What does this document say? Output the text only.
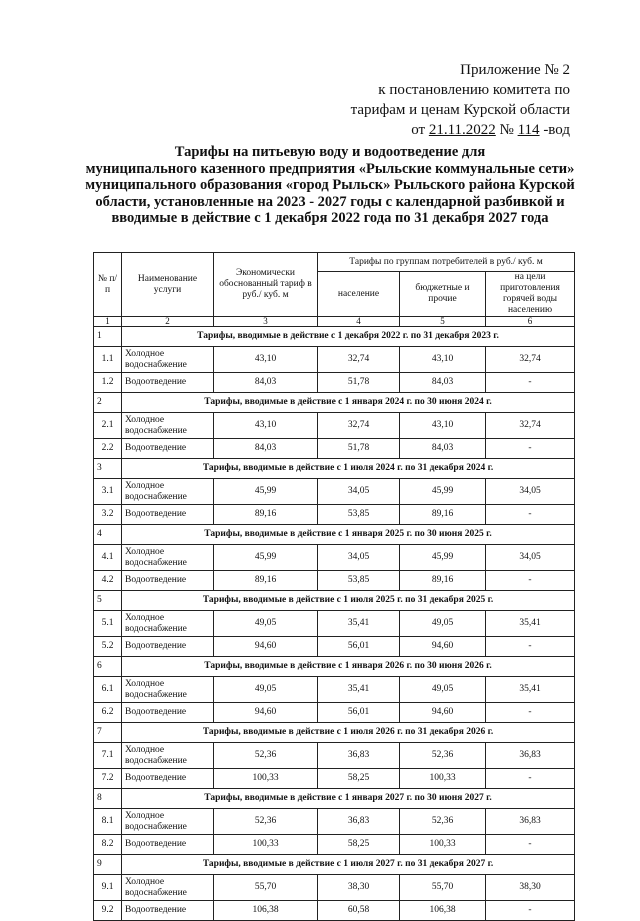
Приложение № 2
к постановлению комитета по
тарифам и ценам Курской области
от 21.11.2022 № 114 -вод
Тарифы на питьевую воду и водоотведение для
муниципального казенного предприятия «Рыльские коммунальные сети»
муниципального образования «город Рыльск» Рыльского района Курской
области, установленные на 2023 - 2027 годы с календарной разбивкой и
вводимые в действие с 1 декабря 2022 года по 31 декабря 2027 года
№ п/п	Наименование услуги	Экономически обоснованный тариф в руб./ куб. м	Тарифы по группам потребителей в руб./ куб. м		
			население	бюджетные и прочие	на цели приготовления горячей воды населению
1	2	3	4	5	6
1	Тарифы, вводимые в действие с 1 декабря 2022 г. по 31 декабря 2023 г.				
1.1	Холодное водоснабжение	43,10	32,74	43,10	32,74
1.2	Водоотведение	84,03	51,78	84,03	-
2	Тарифы, вводимые в действие с 1 января 2024 г. по 30 июня 2024 г.				
2.1	Холодное водоснабжение	43,10	32,74	43,10	32,74
2.2	Водоотведение	84,03	51,78	84,03	-
3	Тарифы, вводимые в действие с 1 июля 2024 г. по 31 декабря 2024 г.				
3.1	Холодное водоснабжение	45,99	34,05	45,99	34,05
3.2	Водоотведение	89,16	53,85	89,16	-
4	Тарифы, вводимые в действие с 1 января 2025 г. по 30 июня 2025 г.				
4.1	Холодное водоснабжение	45,99	34,05	45,99	34,05
4.2	Водоотведение	89,16	53,85	89,16	-
5	Тарифы, вводимые в действие с 1 июля 2025 г. по 31 декабря 2025 г.				
5.1	Холодное водоснабжение	49,05	35,41	49,05	35,41
5.2	Водоотведение	94,60	56,01	94,60	-
6	Тарифы, вводимые в действие с 1 января 2026 г. по 30 июня 2026 г.				
6.1	Холодное водоснабжение	49,05	35,41	49,05	35,41
6.2	Водоотведение	94,60	56,01	94,60	-
7	Тарифы, вводимые в действие с 1 июля 2026 г. по 31 декабря 2026 г.				
7.1	Холодное водоснабжение	52,36	36,83	52,36	36,83
7.2	Водоотведение	100,33	58,25	100,33	-
8	Тарифы, вводимые в действие с 1 января 2027 г. по 30 июня 2027 г.				
8.1	Холодное водоснабжение	52,36	36,83	52,36	36,83
8.2	Водоотведение	100,33	58,25	100,33	-
9	Тарифы, вводимые в действие с 1 июля 2027 г. по 31 декабря 2027 г.				
9.1	Холодное водоснабжение	55,70	38,30	55,70	38,30
9.2	Водоотведение	106,38	60,58	106,38	-
